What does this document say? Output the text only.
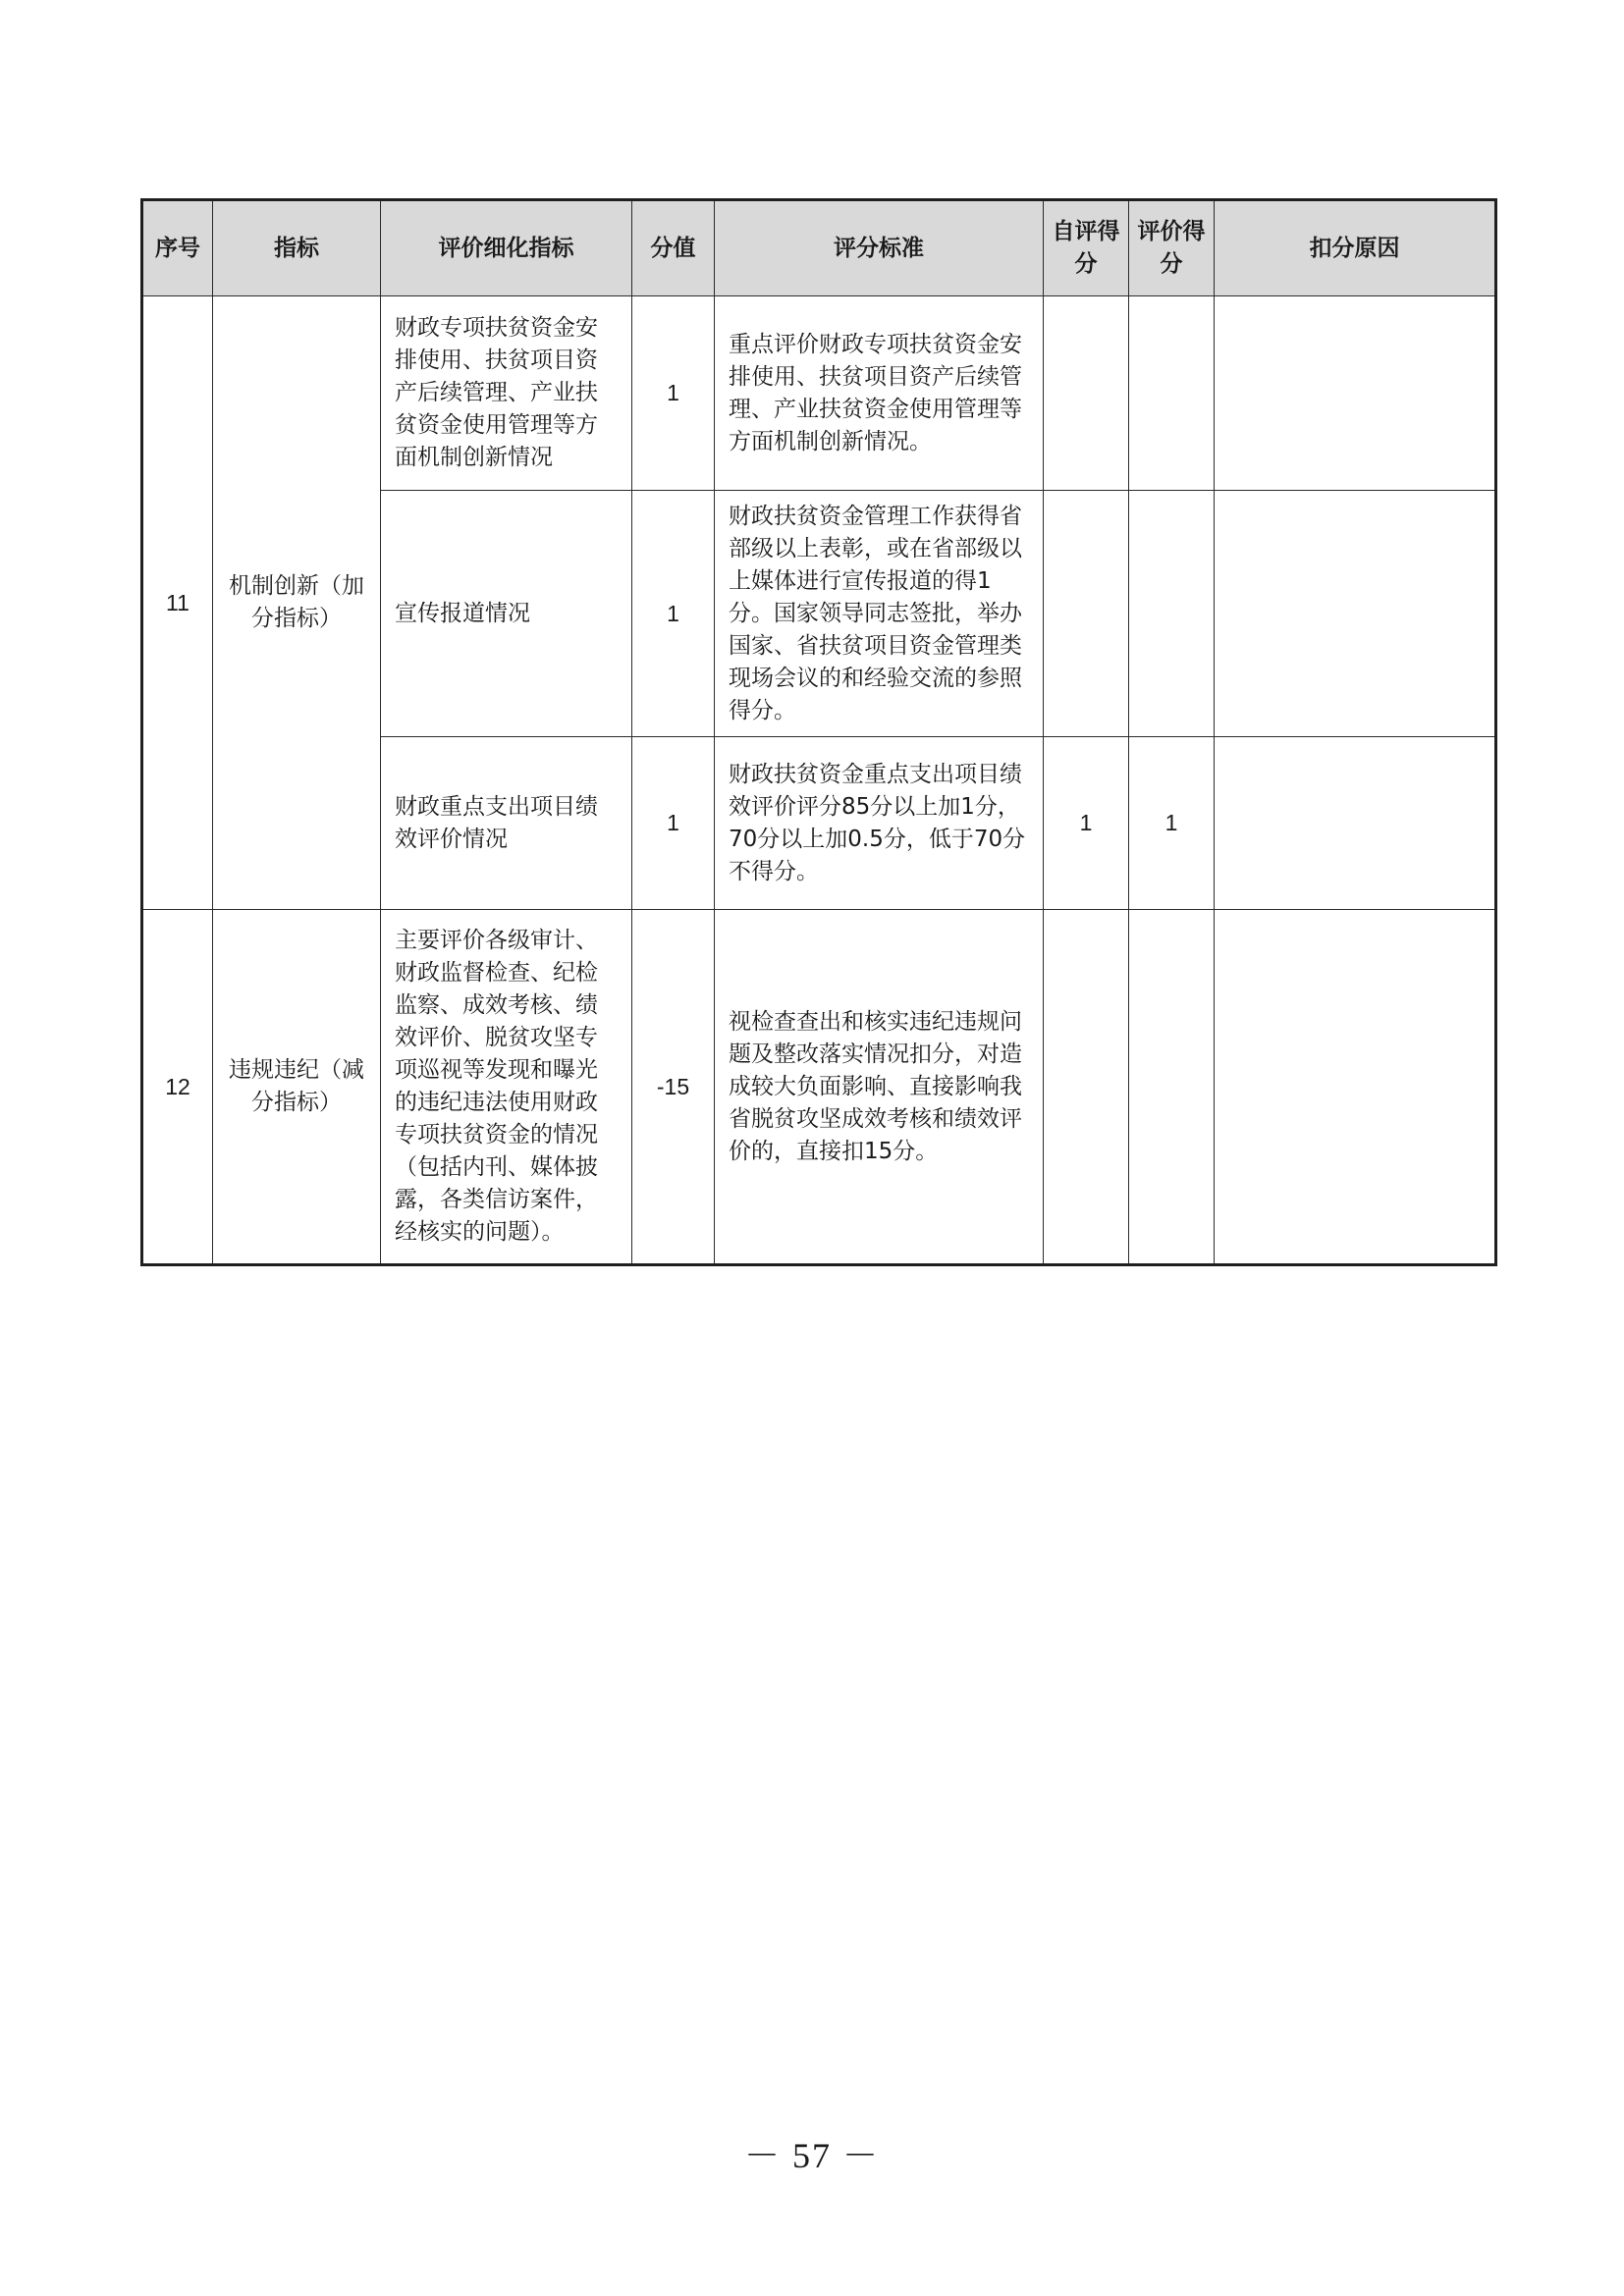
序号	指标	评价细化指标	分值	评分标准	自评得分	评价得分	扣分原因
11	机制创新（加分指标）	财政专项扶贫资金安排使用、扶贫项目资产后续管理、产业扶贫资金使用管理等方面机制创新情况	1	重点评价财政专项扶贫资金安排使用、扶贫项目资产后续管理、产业扶贫资金使用管理等方面机制创新情况。			
		宣传报道情况	1	财政扶贫资金管理工作获得省部级以上表彰，或在省部级以上媒体进行宣传报道的得1分。国家领导同志签批，举办国家、省扶贫项目资金管理类现场会议的和经验交流的参照得分。			
		财政重点支出项目绩效评价情况	1	财政扶贫资金重点支出项目绩效评价评分85分以上加1分，70分以上加0.5分，低于70分不得分。	1	1	
12	违规违纪（减分指标）	主要评价各级审计、财政监督检查、纪检监察、成效考核、绩效评价、脱贫攻坚专项巡视等发现和曝光的违纪违法使用财政专项扶贫资金的情况（包括内刊、媒体披露，各类信访案件，经核实的问题）。	-15	视检查查出和核实违纪违规问题及整改落实情况扣分，对造成较大负面影响、直接影响我省脱贫攻坚成效考核和绩效评价的，直接扣15分。			
－ 57 －
